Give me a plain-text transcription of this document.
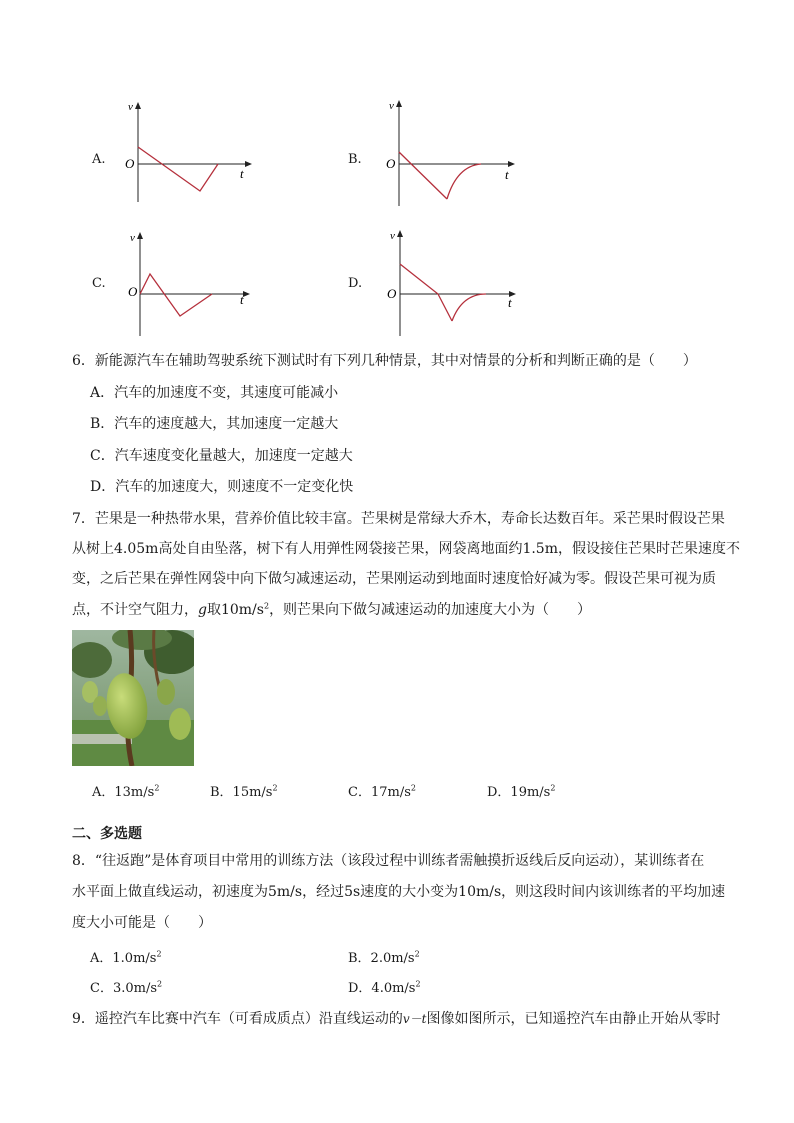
A.
v
t
O	B.
v
t
O
C.
v
t
O
D.
v
t
O
6．新能源汽车在辅助驾驶系统下测试时有下列几种情景，其中对情景的分析和判断正确的是（　　）
A．汽车的加速度不变，其速度可能减小
B．汽车的速度越大，其加速度一定越大
C．汽车速度变化量越大，加速度一定越大
D．汽车的加速度大，则速度不一定变化快
7．芒果是一种热带水果，营养价值比较丰富。芒果树是常绿大乔木，寿命长达数百年。采芒果时假设芒果
从树上4.05m高处自由坠落，树下有人用弹性网袋接芒果，网袋离地面约1.5m，假设接住芒果时芒果速度不
变，之后芒果在弹性网袋中向下做匀减速运动，芒果刚运动到地面时速度恰好减为零。假设芒果可视为质
点，不计空气阻力，g取$10m/s^2$，则芒果向下做匀减速运动的加速度大小为（　　）
A．$13m/s^2$	B．$15m/s^2$	C．$17m/s^2$	D．$19m/s^2$
二、多选题
8．“往返跑”是体育项目中常用的训练方法（该段过程中训练者需触摸折返线后反向运动），某训练者在
水平面上做直线运动，初速度为5m/s，经过5s速度的大小变为10m/s，则这段时间内该训练者的平均加速
度大小可能是（　　）
A．$1.0m/s^2$	B．$2.0m/s^2$
C．$3.0m/s^2$	D．$4.0m/s^2$
9．遥控汽车比赛中汽车（可看成质点）沿直线运动的v－t图像如图所示，已知遥控汽车由静止开始从零时
